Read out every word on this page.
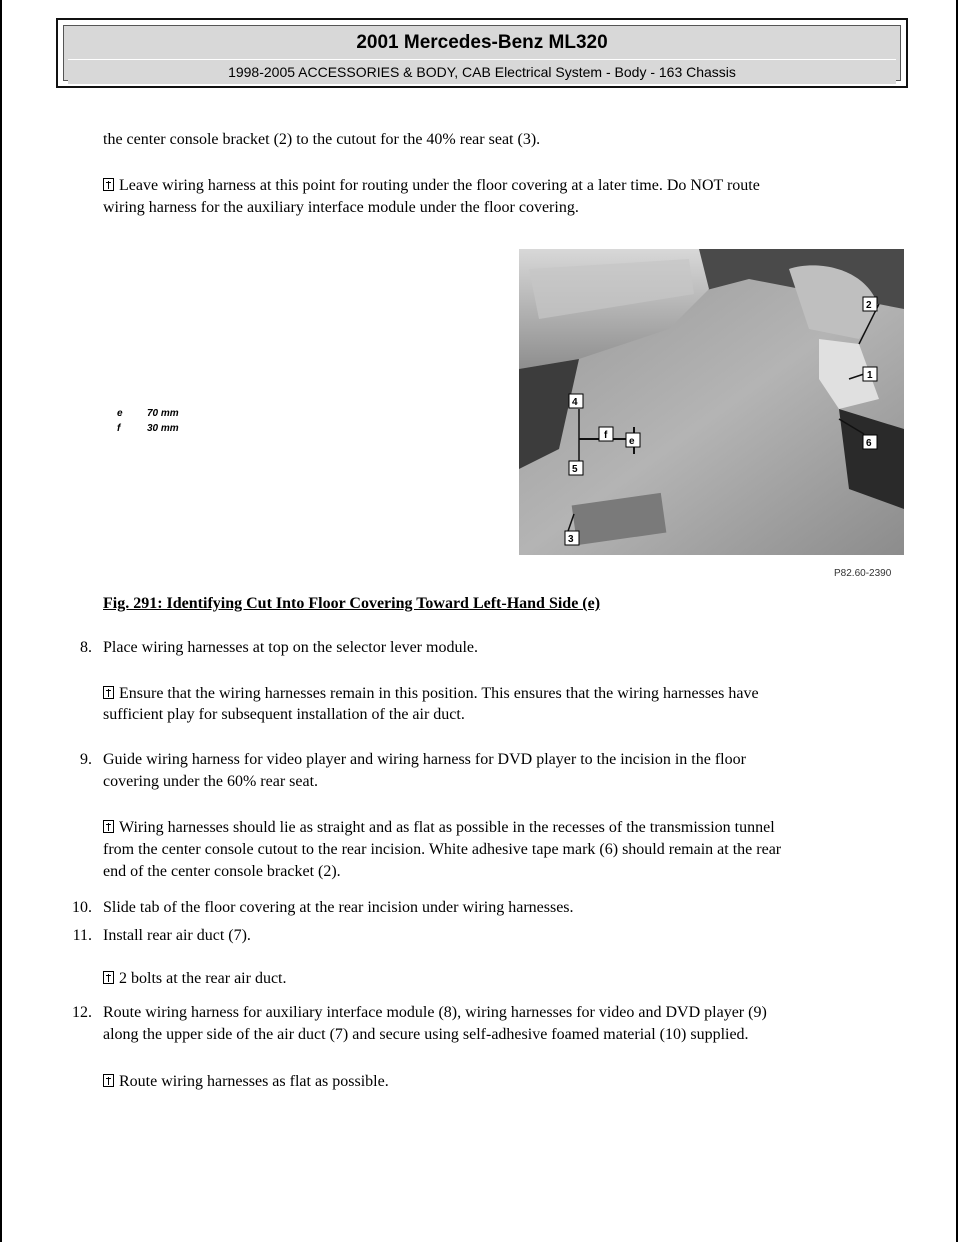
2001 Mercedes-Benz ML320
1998-2005 ACCESSORIES & BODY, CAB Electrical System - Body - 163 Chassis
the center console bracket (2) to the cutout for the 40% rear seat (3).
Leave wiring harness at this point for routing under the floor covering at a later time. Do NOT route
wiring harness for the auxiliary interface module under the floor covering.
e 70 mm
f	30 mm
2
1
6
4
5
3
f
e
P82.60-2390
Fig. 291: Identifying Cut Into Floor Covering Toward Left-Hand Side (e)
8. Place wiring harnesses at top on the selector lever module.
Ensure that the wiring harnesses remain in this position. This ensures that the wiring harnesses have
sufficient play for subsequent installation of the air duct.
9. Guide wiring harness for video player and wiring harness for DVD player to the incision in the floor
covering under the 60% rear seat.
Wiring harnesses should lie as straight and as flat as possible in the recesses of the transmission tunnel
from the center console cutout to the rear incision. White adhesive tape mark (6) should remain at the rear
end of the center console bracket (2).
10. Slide tab of the floor covering at the rear incision under wiring harnesses.
11. Install rear air duct (7).
2 bolts at the rear air duct.
12. Route wiring harness for auxiliary interface module (8), wiring harnesses for video and DVD player (9)
along the upper side of the air duct (7) and secure using self-adhesive foamed material (10) supplied.
Route wiring harnesses as flat as possible.
